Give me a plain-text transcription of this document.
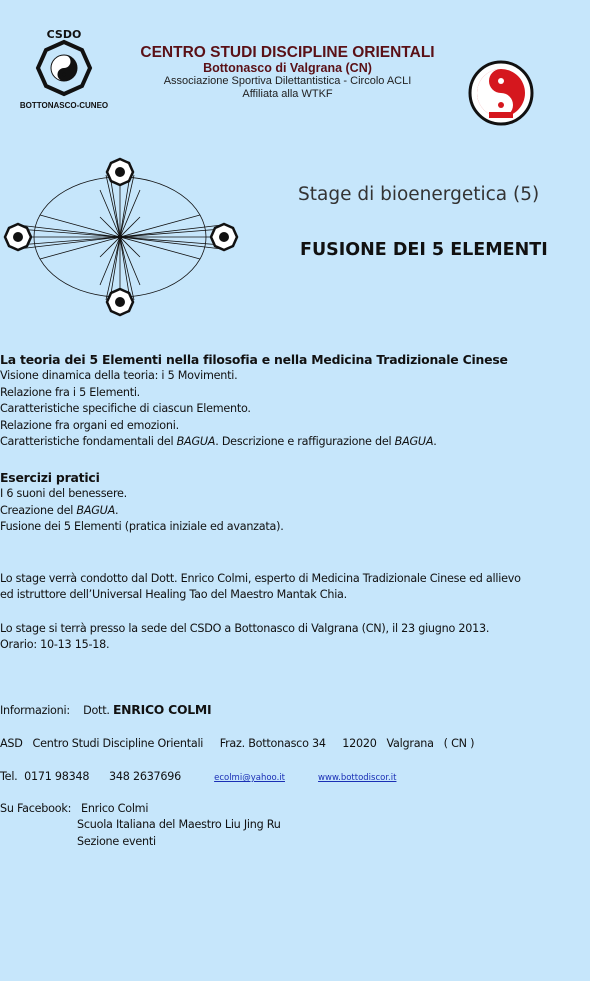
CSDO
BOTTONASCO-CUNEO
CENTRO STUDI DISCIPLINE ORIENTALI
Bottonasco di Valgrana (CN)
Associazione Sportiva Dilettantistica - Circolo ACLI
Affiliata alla WTKF
Stage di bioenergetica (5)
FUSIONE DEI 5 ELEMENTI
La teoria dei 5 Elementi nella filosofia e nella Medicina Tradizionale Cinese
Visione dinamica della teoria: i 5 Movimenti.
Relazione fra i 5 Elementi.
Caratteristiche specifiche di ciascun Elemento.
Relazione fra organi ed emozioni.
Caratteristiche fondamentali del BAGUA. Descrizione e raffigurazione del BAGUA.
Esercizi pratici
I 6 suoni del benessere.
Creazione del BAGUA.
Fusione dei 5 Elementi (pratica iniziale ed avanzata).
Lo stage verrà condotto dal Dott. Enrico Colmi, esperto di Medicina Tradizionale Cinese ed allievo
ed istruttore dell’Universal Healing Tao del Maestro Mantak Chia.
Lo stage si terrà presso la sede del CSDO a Bottonasco di Valgrana (CN), il 23 giugno 2013.
Orario: 10-13 15-18.
Informazioni:    Dott. ENRICO COLMI
ASD   Centro Studi Discipline Orientali     Fraz. Bottonasco 34     12020   Valgrana   ( CN )
Tel.  0171 98348      348 2637696          ecolmi@yahoo.it	www.bottodiscor.it
Su Facebook:   Enrico Colmi
Scuola Italiana del Maestro Liu Jing Ru
Sezione eventi
